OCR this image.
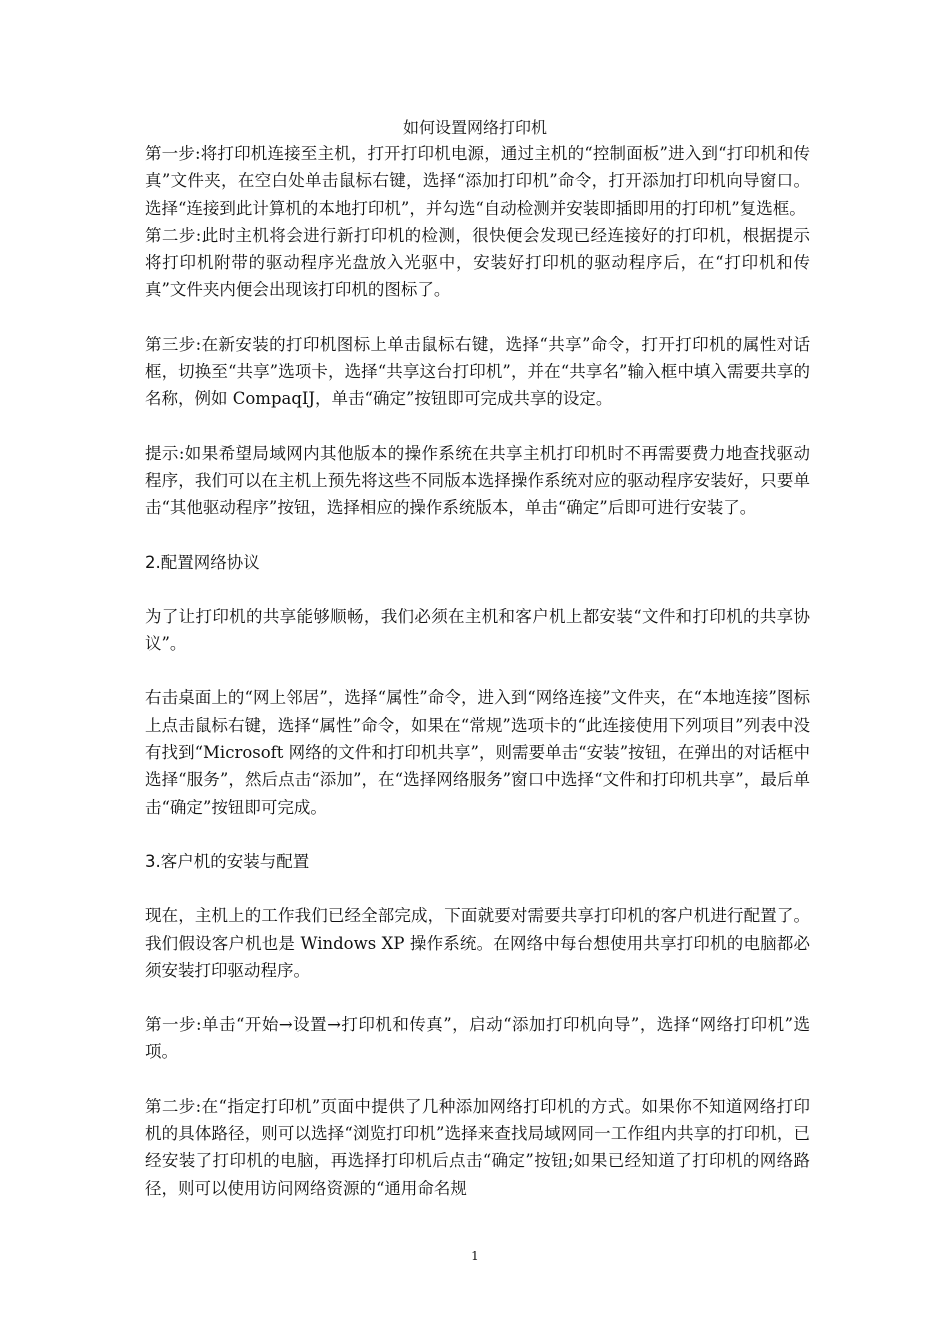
如何设置网络打印机

第一步:将打印机连接至主机，打开打印机电源，通过主机的“控制面板”进入到“打印机和传真”文件夹，在空白处单击鼠标右键，选择“添加打印机”命令，打开添加打印机向导窗口。选择“连接到此计算机的本地打印机”，并勾选“自动检测并安装即插即用的打印机”复选框。

第二步:此时主机将会进行新打印机的检测，很快便会发现已经连接好的打印机，根据提示将打印机附带的驱动程序光盘放入光驱中，安装好打印机的驱动程序后，在“打印机和传真”文件夹内便会出现该打印机的图标了。

第三步:在新安装的打印机图标上单击鼠标右键，选择“共享”命令，打开打印机的属性对话框，切换至“共享”选项卡，选择“共享这台打印机”，并在“共享名”输入框中填入需要共享的名称，例如 CompaqIJ，单击“确定”按钮即可完成共享的设定。

提示:如果希望局域网内其他版本的操作系统在共享主机打印机时不再需要费力地查找驱动程序，我们可以在主机上预先将这些不同版本选择操作系统对应的驱动程序安装好，只要单击“其他驱动程序”按钮，选择相应的操作系统版本，单击“确定”后即可进行安装了。

2.配置网络协议

为了让打印机的共享能够顺畅，我们必须在主机和客户机上都安装“文件和打印机的共享协议”。

右击桌面上的“网上邻居”，选择“属性”命令，进入到“网络连接”文件夹，在“本地连接”图标上点击鼠标右键，选择“属性”命令，如果在“常规”选项卡的“此连接使用下列项目”列表中没有找到“Microsoft 网络的文件和打印机共享”，则需要单击“安装”按钮，在弹出的对话框中选择“服务”，然后点击“添加”，在“选择网络服务”窗口中选择“文件和打印机共享”，最后单击“确定”按钮即可完成。

3.客户机的安装与配置

现在，主机上的工作我们已经全部完成，下面就要对需要共享打印机的客户机进行配置了。我们假设客户机也是 Windows XP 操作系统。在网络中每台想使用共享打印机的电脑都必须安装打印驱动程序。

第一步:单击“开始→设置→打印机和传真”，启动“添加打印机向导”，选择“网络打印机”选项。

第二步:在“指定打印机”页面中提供了几种添加网络打印机的方式。如果你不知道网络打印机的具体路径，则可以选择“浏览打印机”选择来查找局域网同一工作组内共享的打印机，已经安装了打印机的电脑，再选择打印机后点击“确定”按钮;如果已经知道了打印机的网络路径，则可以使用访问网络资源的“通用命名规

1
